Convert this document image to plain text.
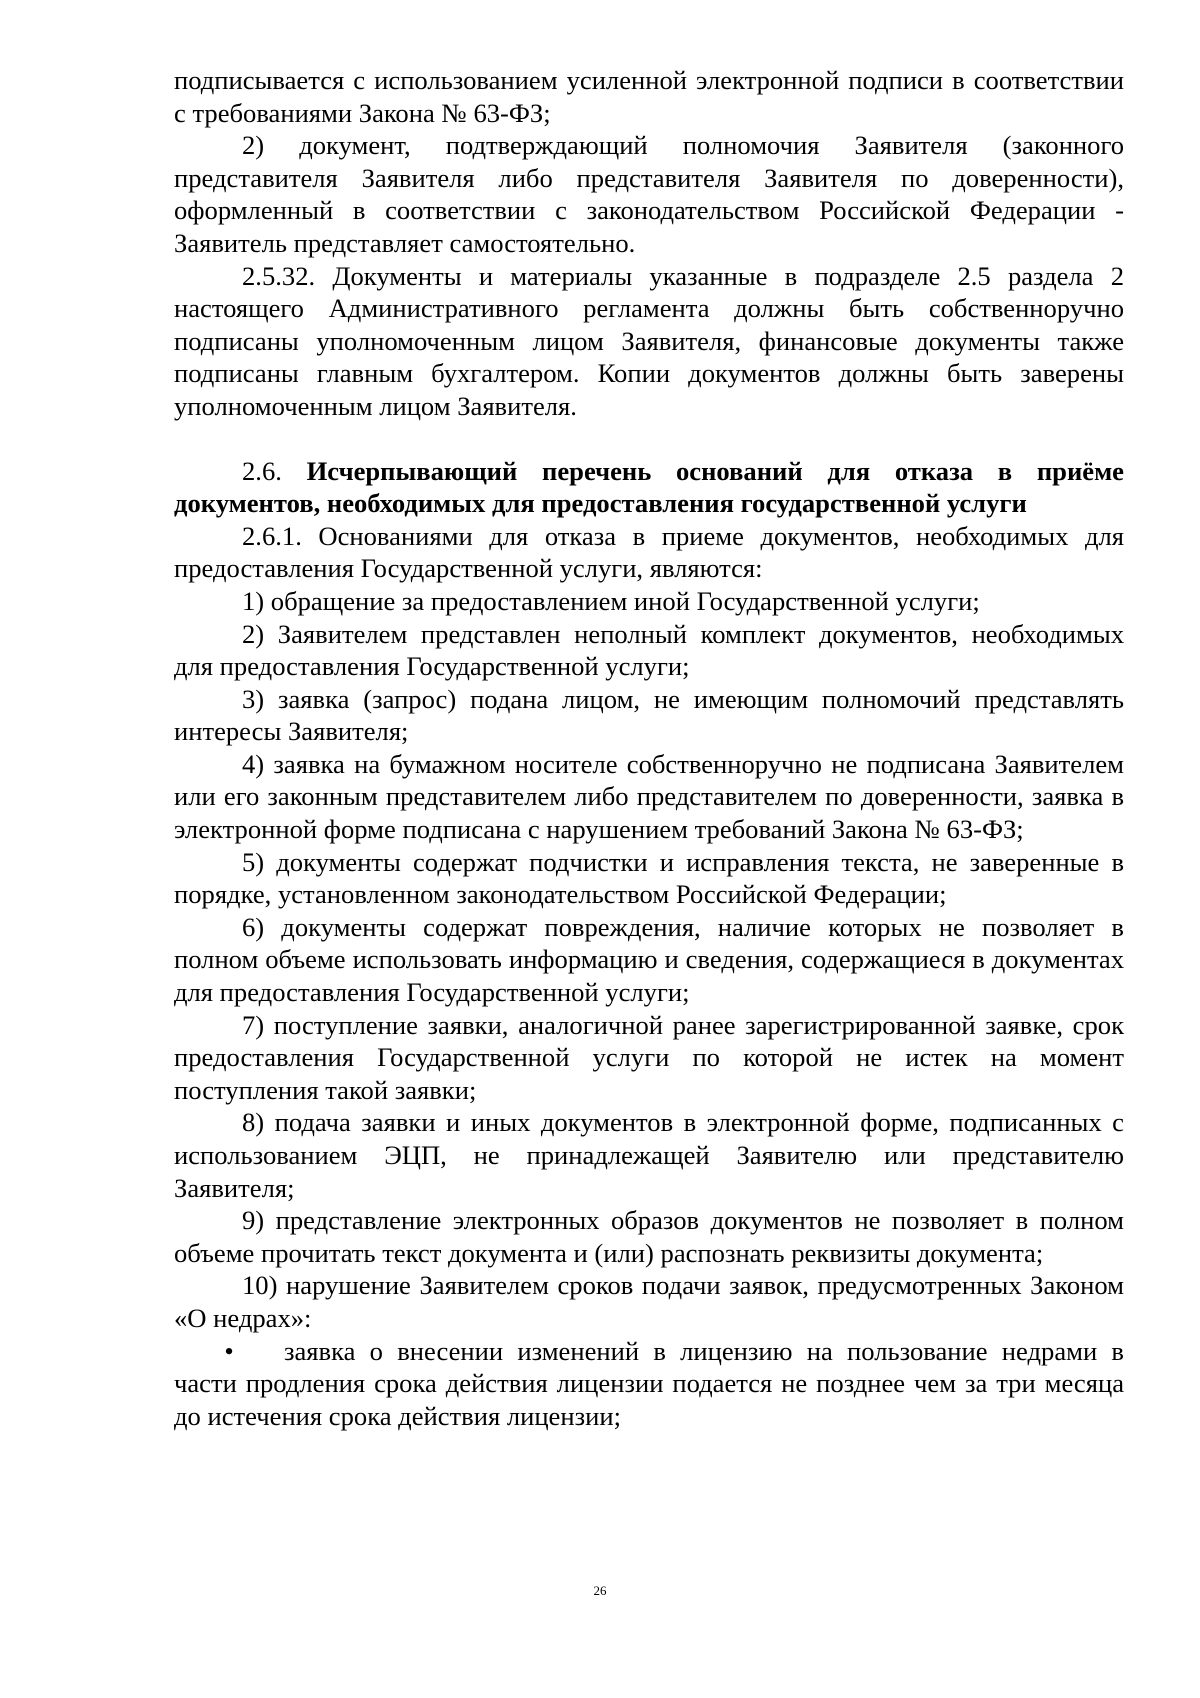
подписывается с использованием усиленной электронной подписи в соответствии с требованиями Закона № 63-ФЗ;

2) документ, подтверждающий полномочия Заявителя (законного представителя Заявителя либо представителя Заявителя по доверенности), оформленный в соответствии с законодательством Российской Федерации - Заявитель представляет самостоятельно.

2.5.32. Документы и материалы указанные в подразделе 2.5 раздела 2 настоящего Административного регламента должны быть собственноручно подписаны уполномоченным лицом Заявителя, финансовые документы также подписаны главным бухгалтером. Копии документов должны быть заверены уполномоченным лицом Заявителя.

2.6. Исчерпывающий перечень оснований для отказа в приёме документов, необходимых для предоставления государственной услуги

2.6.1. Основаниями для отказа в приеме документов, необходимых для предоставления Государственной услуги, являются:

1) обращение за предоставлением иной Государственной услуги;

2) Заявителем представлен неполный комплект документов, необходимых для предоставления Государственной услуги;

3) заявка (запрос) подана лицом, не имеющим полномочий представлять интересы Заявителя;

4) заявка на бумажном носителе собственноручно не подписана Заявителем или его законным представителем либо представителем по доверенности, заявка в электронной форме подписана с нарушением требований Закона № 63-ФЗ;

5) документы содержат подчистки и исправления текста, не заверенные в порядке, установленном законодательством Российской Федерации;

6) документы содержат повреждения, наличие которых не позволяет в полном объеме использовать информацию и сведения, содержащиеся в документах для предоставления Государственной услуги;

7) поступление заявки, аналогичной ранее зарегистрированной заявке, срок предоставления Государственной услуги по которой не истек на момент поступления такой заявки;

8) подача заявки и иных документов в электронной форме, подписанных с использованием ЭЦП, не принадлежащей Заявителю или представителю Заявителя;

9) представление электронных образов документов не позволяет в полном объеме прочитать текст документа и (или) распознать реквизиты документа;

10) нарушение Заявителем сроков подачи заявок, предусмотренных Законом «О недрах»:

• заявка о внесении изменений в лицензию на пользование недрами в части продления срока действия лицензии подается не позднее чем за три месяца до истечения срока действия лицензии;

26
